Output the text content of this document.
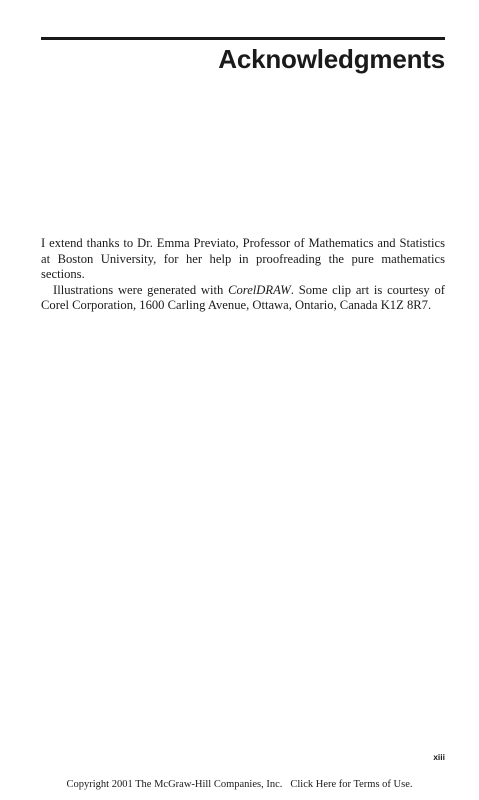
Acknowledgments

I extend thanks to Dr. Emma Previato, Professor of Mathematics and Statistics at Boston University, for her help in proofreading the pure mathematics sections.

Illustrations were generated with CorelDRAW. Some clip art is courtesy of Corel Corporation, 1600 Carling Avenue, Ottawa, Ontario, Canada K1Z 8R7.

xiii
Copyright 2001 The McGraw-Hill Companies, Inc. Click Here for Terms of Use.
